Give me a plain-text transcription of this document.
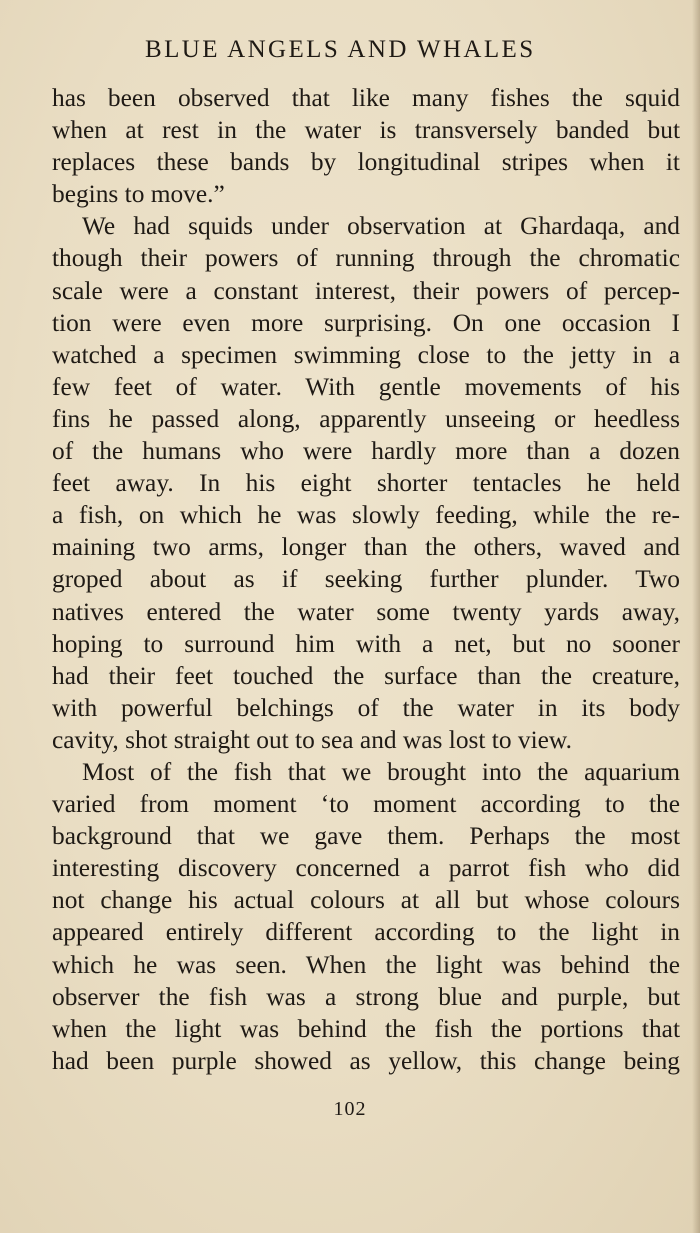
BLUE ANGELS AND WHALES
has been observed that like many fishes the squid
when at rest in the water is transversely banded but
replaces these bands by longitudinal stripes when it
begins to move.”
We had squids under observation at Ghardaqa, and
though their powers of running through the chromatic
scale were a constant interest, their powers of percep-
tion were even more surprising. On one occasion I
watched a specimen swimming close to the jetty in a
few feet of water. With gentle movements of his
fins he passed along, apparently unseeing or heedless
of the humans who were hardly more than a dozen
feet away. In his eight shorter tentacles he held
a fish, on which he was slowly feeding, while the re-
maining two arms, longer than the others, waved and
groped about as if seeking further plunder. Two
natives entered the water some twenty yards away,
hoping to surround him with a net, but no sooner
had their feet touched the surface than the creature,
with powerful belchings of the water in its body
cavity, shot straight out to sea and was lost to view.
Most of the fish that we brought into the aquarium
varied from moment ‘to moment according to the
background that we gave them. Perhaps the most
interesting discovery concerned a parrot fish who did
not change his actual colours at all but whose colours
appeared entirely different according to the light in
which he was seen. When the light was behind the
observer the fish was a strong blue and purple, but
when the light was behind the fish the portions that
had been purple showed as yellow, this change being
102
